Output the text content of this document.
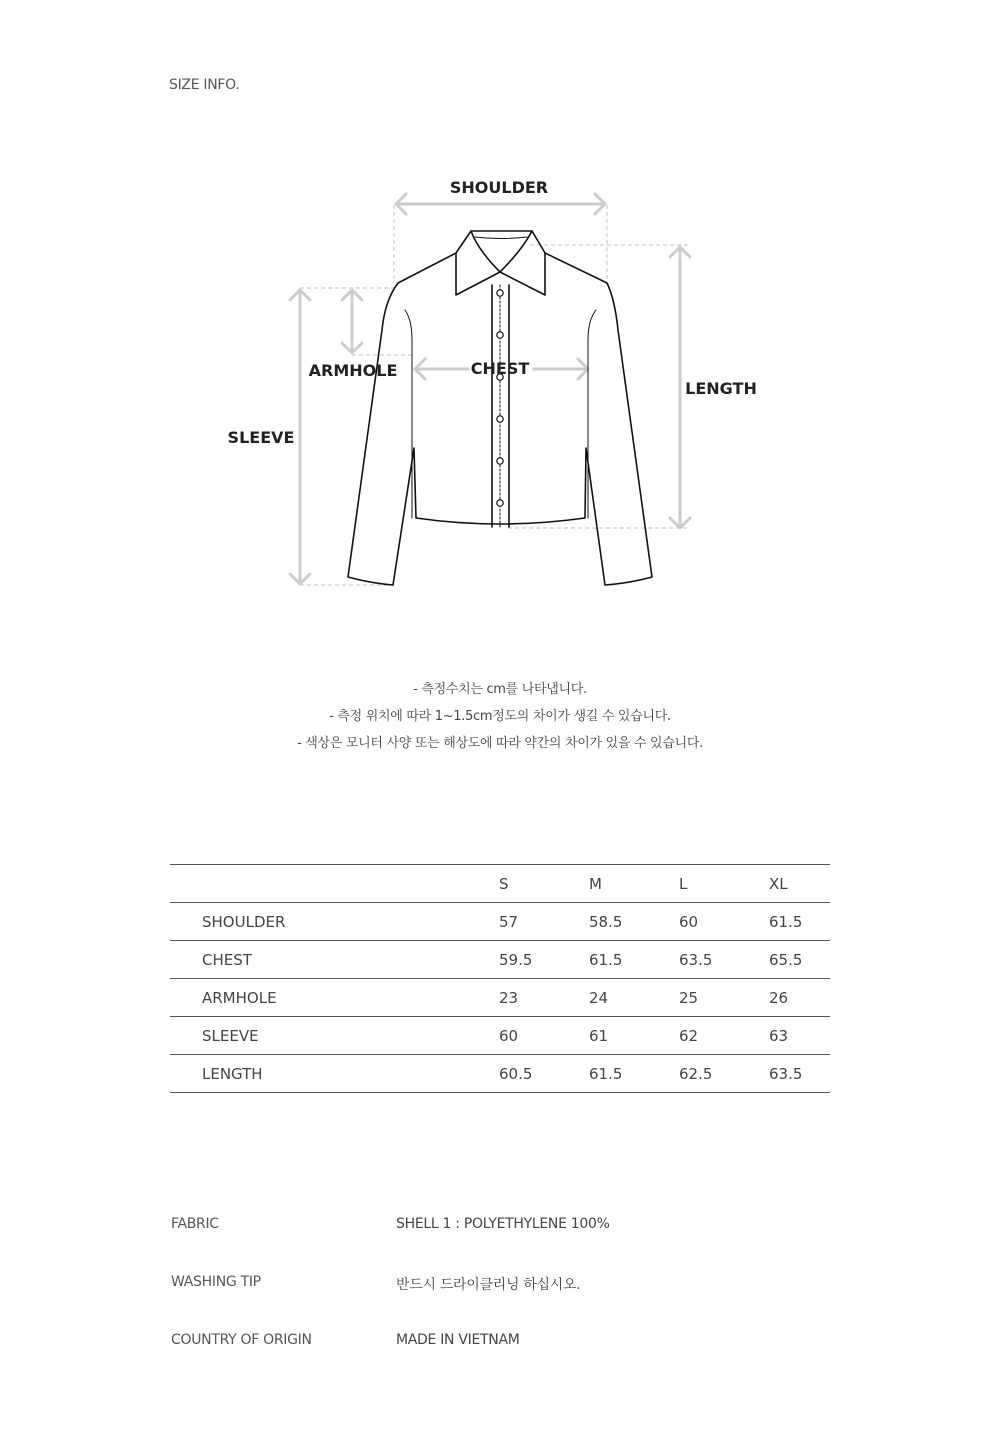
SIZE INFO.
SHOULDER
CHEST
ARMHOLE
SLEEVE
LENGTH
- 측정수치는 cm를 나타냅니다.
- 측정 위치에 따라 1~1.5cm정도의 차이가 생길 수 있습니다.
- 색상은 모니터 사양 또는 해상도에 따라 약간의 차이가 있을 수 있습니다.
	S	M	L	XL
SHOULDER	57	58.5	60	61.5
CHEST	59.5	61.5	63.5	65.5
ARMHOLE	23	24	25	26
SLEEVE	60	61	62	63
LENGTH	60.5	61.5	62.5	63.5
FABRIC	SHELL 1 : POLYETHYLENE 100%
WASHING TIP	반드시 드라이클리닝 하십시오.
COUNTRY OF ORIGIN	MADE IN VIETNAM
